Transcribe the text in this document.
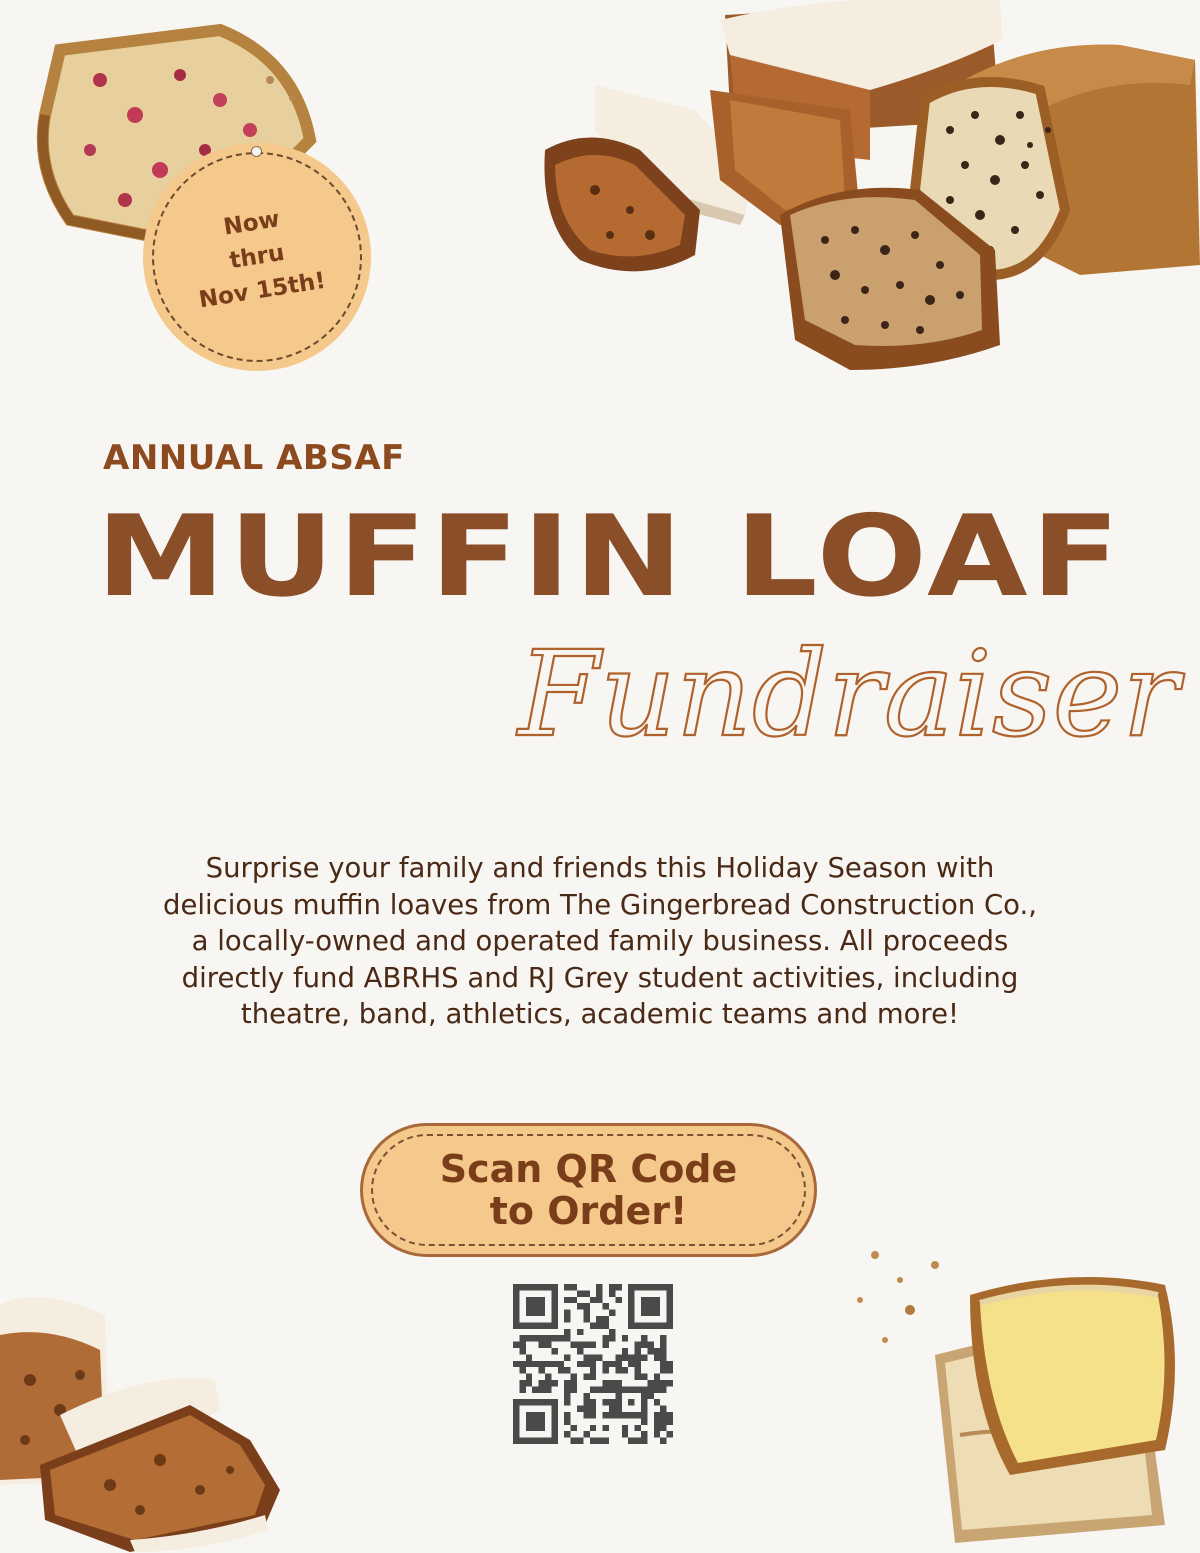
Now
thru
Nov 15th!
ANNUAL ABSAF
MUFFIN LOAF
Fundraiser
Surprise your family and friends this Holiday Season with
delicious muffin loaves from The Gingerbread Construction Co.,
a locally-owned and operated family business. All proceeds
directly fund ABRHS and RJ Grey student activities, including
theatre, band, athletics, academic teams and more!
Scan QR Code
to Order!
